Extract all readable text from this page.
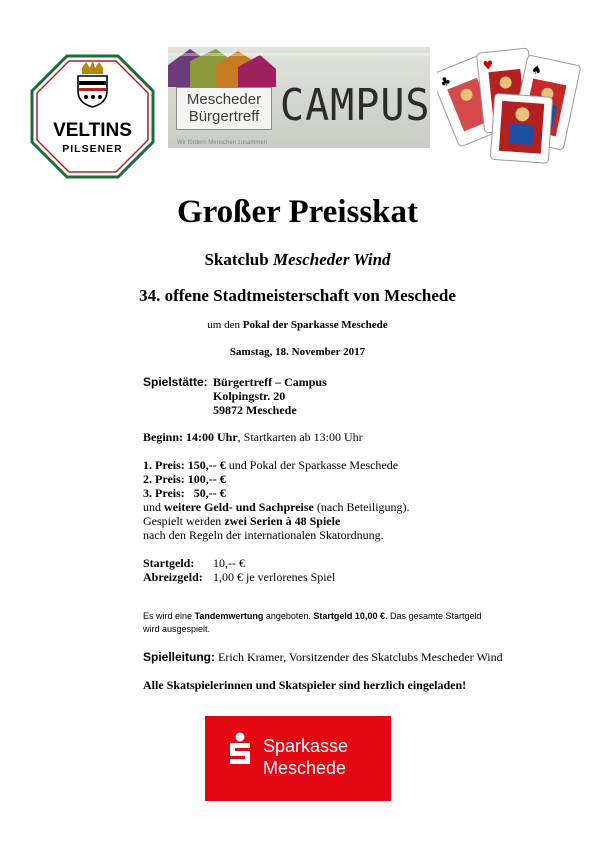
VELTINS
PILSENER
Mescheder
Bürgertreff CAMPUS
Wir fördern Menschen zusammen
♣
♥	♠
Großer Preisskat
Skatclub Mescheder Wind
34. offene Stadtmeisterschaft von Meschede
um den Pokal der Sparkasse Meschede
Samstag, 18. November 2017
Spielstätte: Bürgertreff – Campus
Kolpingstr. 20
59872 Meschede
Beginn: 14:00 Uhr, Startkarten ab 13:00 Uhr
1. Preis: 150,-- € und Pokal der Sparkasse Meschede
2. Preis: 100,-- €
3. Preis:   50,-- €
und weitere Geld- und Sachpreise (nach Beteiligung).
Gespielt werden zwei Serien à 48 Spiele
nach den Regeln der internationalen Skatordnung.
Startgeld: 10,-- €
Abreizgeld: 1,00 € je verlorenes Spiel
Es wird eine Tandemwertung angeboten. Startgeld 10,00 €. Das gesamte Startgeld
wird ausgespielt.
Spielleitung: Erich Kramer, Vorsitzender des Skatclubs Mescheder Wind
Alle Skatspielerinnen und Skatspieler sind herzlich eingeladen!
Sparkasse
Meschede
